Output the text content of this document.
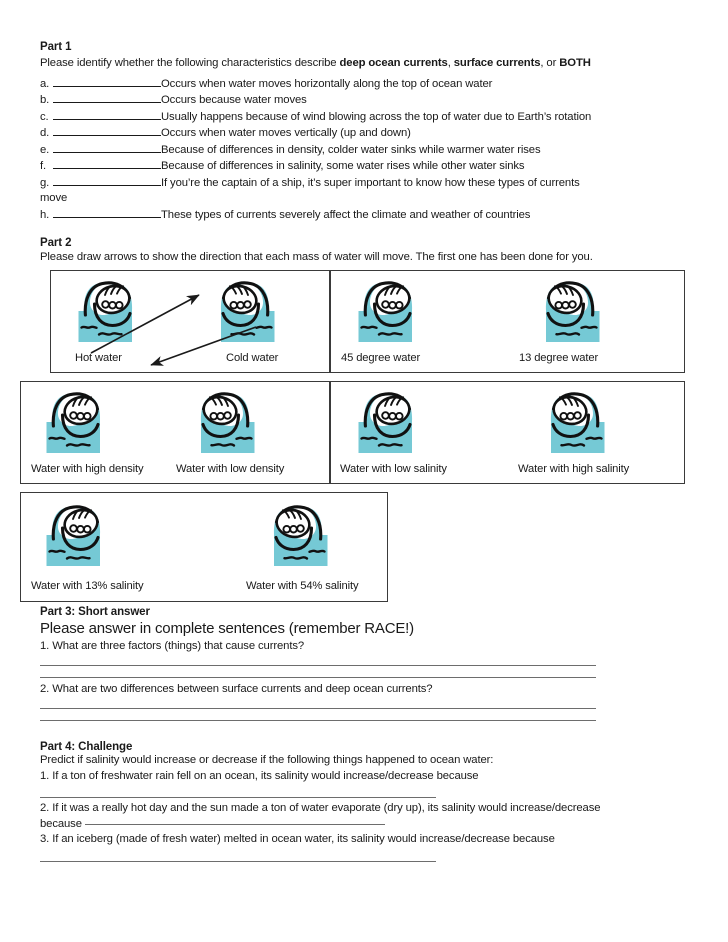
Part 1
Please identify whether the following characteristics describe deep ocean currents, surface currents, or BOTH
a.	Occurs when water moves horizontally along the top of ocean water
b.	Occurs because water moves
c.	Usually happens because of wind blowing across the top of water due to Earth’s rotation
d.	Occurs when water moves vertically (up and down)
e.	Because of differences in density, colder water sinks while warmer water rises
f.	Because of differences in salinity, some water rises while other water sinks
g.	If you’re the captain of a ship, it’s super important to know how these types of currents
move
h.	These types of currents severely affect the climate and weather of countries
Part 2
Please draw arrows to show the direction that each mass of water will move. The first one has been done for you.
Hot water	Cold water	45 degree water	13 degree water
Water with high density	Water with low density	Water with low salinity	Water with high salinity
Water with 13% salinity	Water with 54% salinity
Part 3: Short answer
Please answer in complete sentences (remember RACE!)
1. What are three factors (things) that cause currents?
2. What are two differences between surface currents and deep ocean currents?
Part 4: Challenge
Predict if salinity would increase or decrease if the following things happened to ocean water:
1. If a ton of freshwater rain fell on an ocean, its salinity would increase/decrease because
2. If it was a really hot day and the sun made a ton of water evaporate (dry up), its salinity would increase/decrease
because
3. If an iceberg (made of fresh water) melted in ocean water, its salinity would increase/decrease because
